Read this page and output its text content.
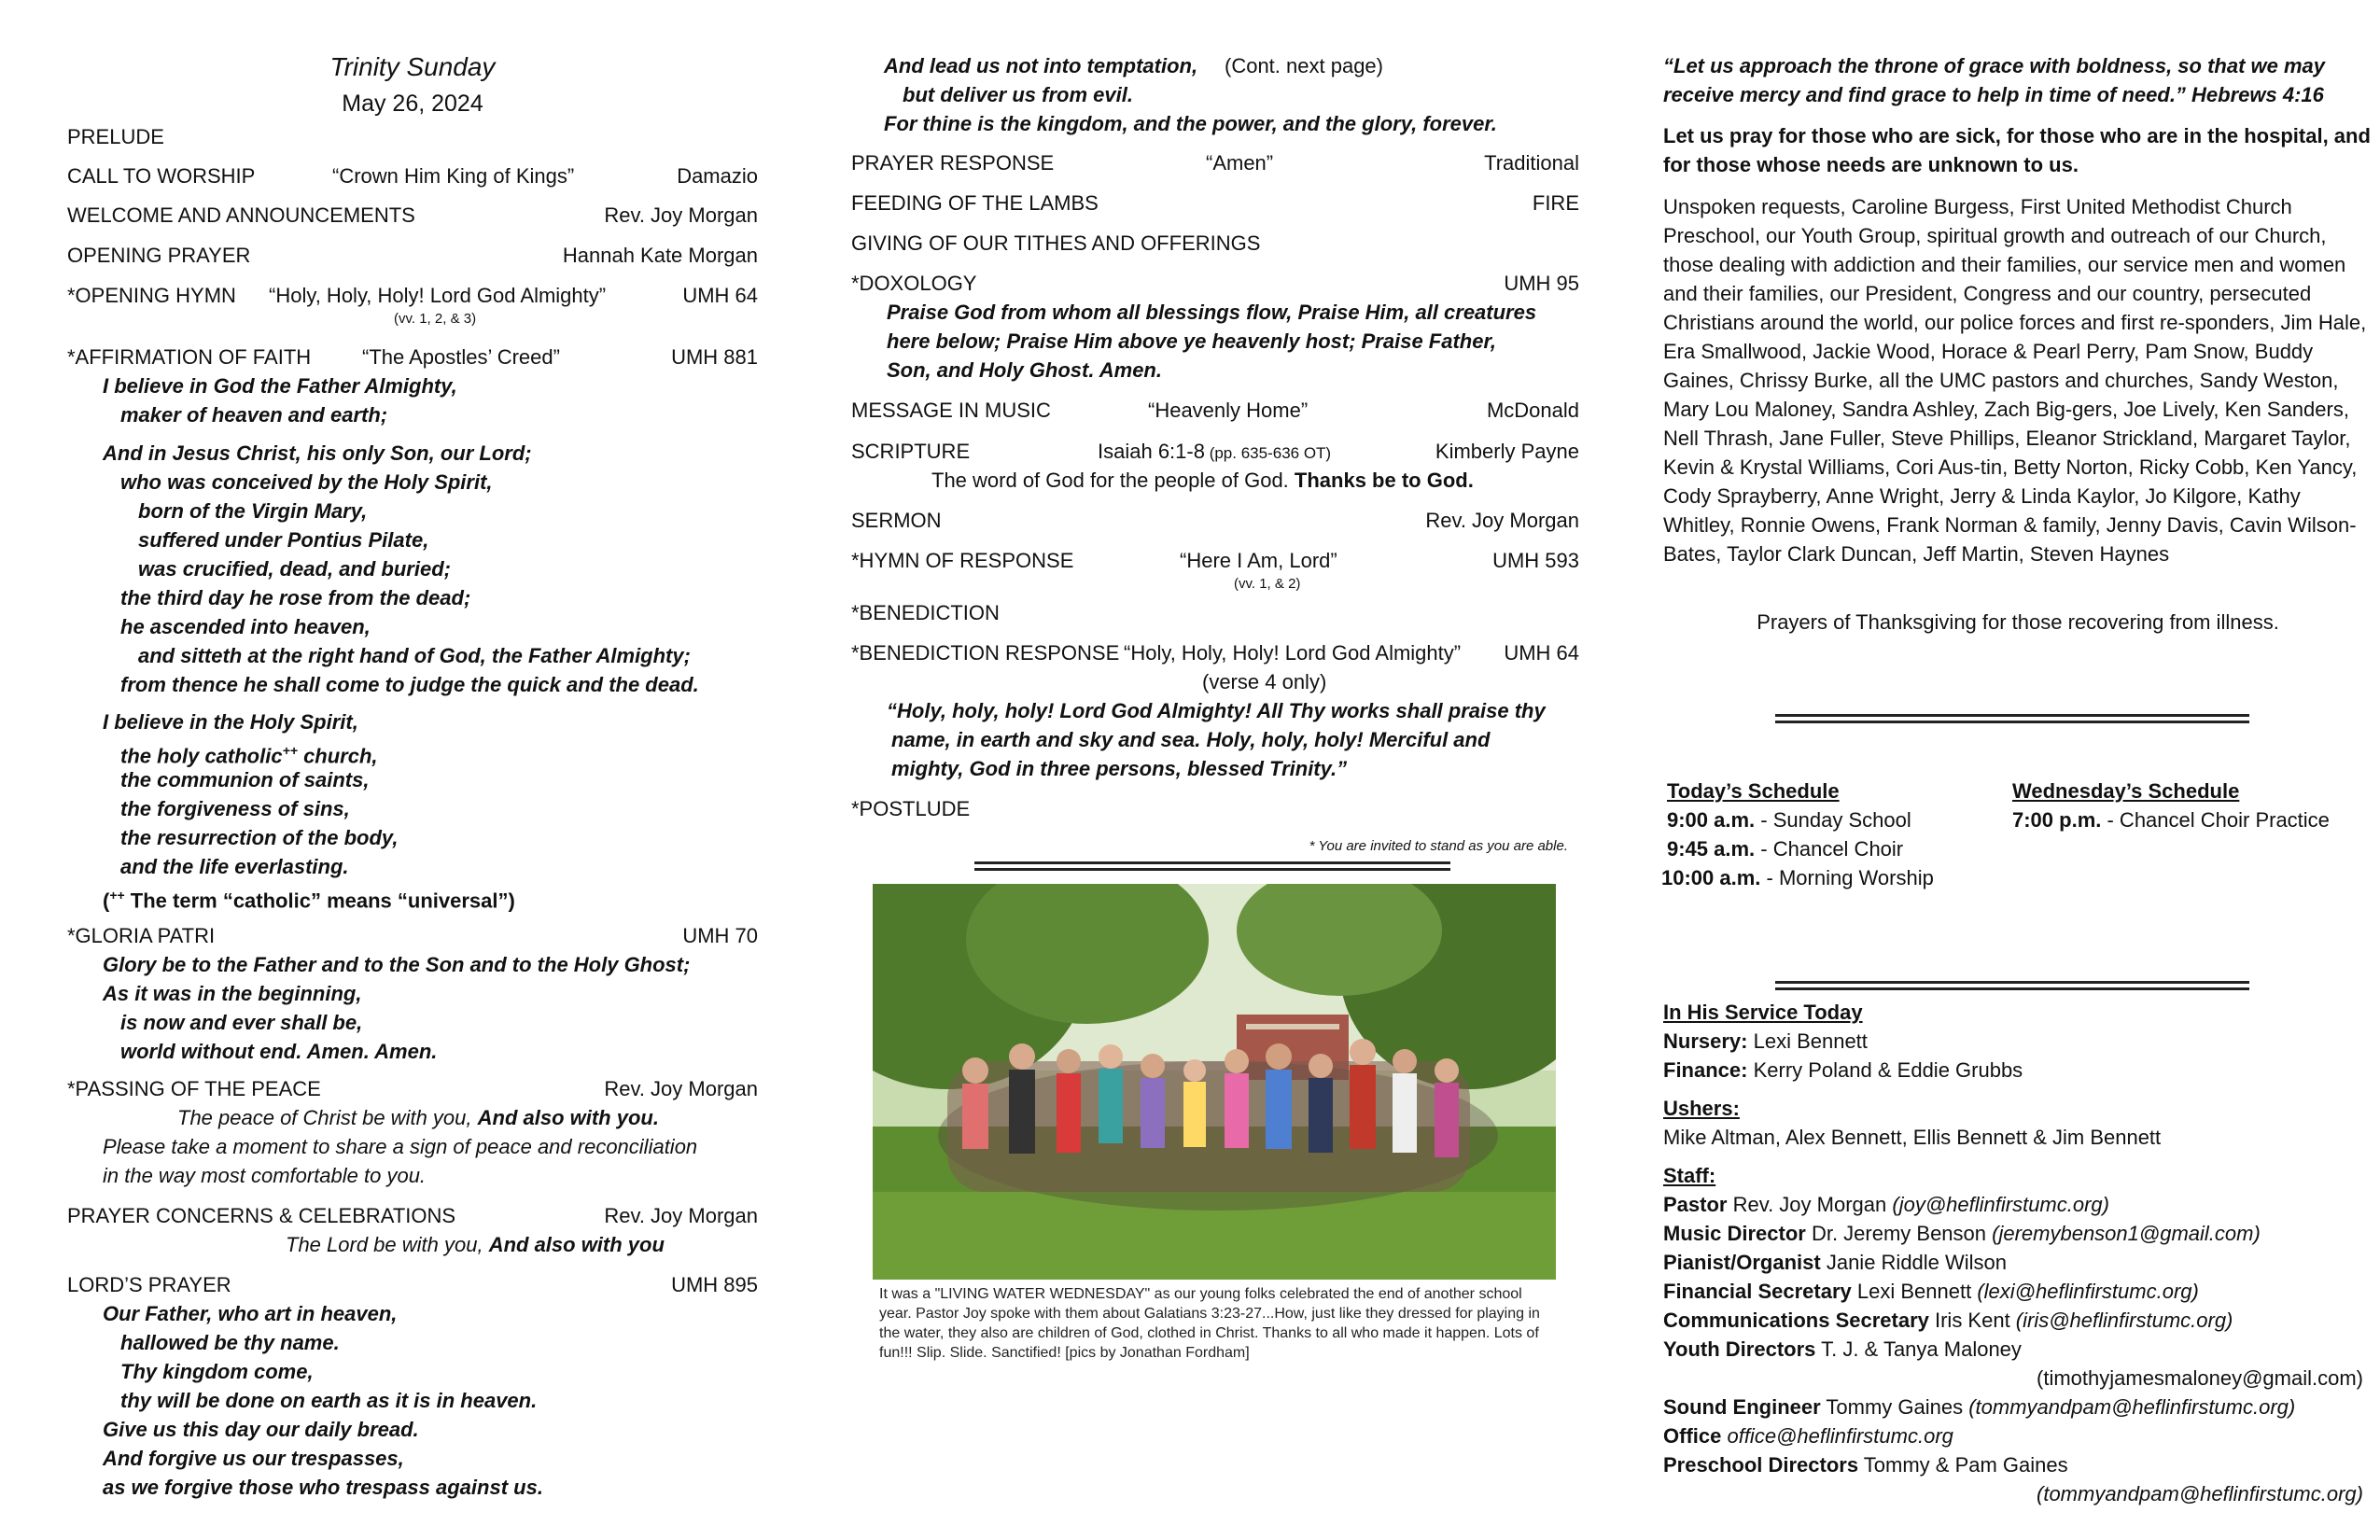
Trinity Sunday
May 26, 2024
PRELUDE
CALL TO WORSHIP	“Crown Him King of Kings”	Damazio
WELCOME AND ANNOUNCEMENTS	Rev. Joy Morgan
OPENING PRAYER	Hannah Kate Morgan
*OPENING HYMN “Holy, Holy, Holy! Lord God Almighty”	UMH 64
(vv. 1, 2, & 3)
*AFFIRMATION OF FAITH “The Apostles’ Creed”	UMH 881
I believe in God the Father Almighty,
maker of heaven and earth;
And in Jesus Christ, his only Son, our Lord;
who was conceived by the Holy Spirit,
born of the Virgin Mary,
suffered under Pontius Pilate,
was crucified, dead, and buried;
the third day he rose from the dead;
he ascended into heaven,
and sitteth at the right hand of God, the Father Almighty;
from thence he shall come to judge the quick and the dead.
I believe in the Holy Spirit,
the holy catholic++ church,
the communion of saints,
the forgiveness of sins,
the resurrection of the body,
and the life everlasting.
(++ The term “catholic” means “universal”)
*GLORIA PATRI	UMH 70
Glory be to the Father and to the Son and to the Holy Ghost;
As it was in the beginning,
is now and ever shall be,
world without end. Amen. Amen.
*PASSING OF THE PEACE	Rev. Joy Morgan
The peace of Christ be with you, And also with you.
Please take a moment to share a sign of peace and reconciliation
in the way most comfortable to you.
PRAYER CONCERNS & CELEBRATIONS	Rev. Joy Morgan
The Lord be with you, And also with you
LORD’S PRAYER	UMH 895
Our Father, who art in heaven,
hallowed be thy name.
Thy kingdom come,
thy will be done on earth as it is in heaven.
Give us this day our daily bread.
And forgive us our trespasses,
as we forgive those who trespass against us.
And lead us not into temptation, (Cont. next page)
but deliver us from evil.
For thine is the kingdom, and the power, and the glory, forever.
PRAYER RESPONSE	“Amen”	Traditional
FEEDING OF THE LAMBS	FIRE
GIVING OF OUR TITHES AND OFFERINGS
*DOXOLOGY	UMH 95
Praise God from whom all blessings flow, Praise Him, all creatures
here below; Praise Him above ye heavenly host; Praise Father,
Son, and Holy Ghost. Amen.
MESSAGE IN MUSIC	“Heavenly Home”	McDonald
SCRIPTURE	Isaiah 6:1-8 (pp. 635-636 OT)	Kimberly Payne
The word of God for the people of God. Thanks be to God.
SERMON	Rev. Joy Morgan
*HYMN OF RESPONSE	“Here I Am, Lord”	UMH 593
(vv. 1, & 2)
*BENEDICTION
*BENEDICTION RESPONSE “Holy, Holy, Holy! Lord God Almighty” UMH 64
(verse 4 only)
“Holy, holy, holy! Lord God Almighty! All Thy works shall praise thy
name, in earth and sky and sea. Holy, holy, holy! Merciful and
mighty, God in three persons, blessed Trinity.”
*POSTLUDE
* You are invited to stand as you are able.
It was a "LIVING WATER WEDNESDAY" as our young folks celebrated the end of another school year. Pastor Joy spoke with them about Galatians 3:23-27...How, just like they dressed for playing in the water, they also are children of God, clothed in Christ. Thanks to all who made it happen. Lots of fun!!! Slip. Slide. Sanctified! [pics by Jonathan Fordham]
“Let us approach the throne of grace with boldness, so that we may receive mercy and find grace to help in time of need.” Hebrews 4:16
Let us pray for those who are sick, for those who are in the hospital, and for those whose needs are unknown to us.
Unspoken requests, Caroline Burgess, First United Methodist Church Preschool, our Youth Group, spiritual growth and outreach of our Church, those dealing with addiction and their families, our service men and women and their families, our President, Congress and our country, persecuted Christians around the world, our police forces and first re-sponders, Jim Hale, Era Smallwood, Jackie Wood, Horace & Pearl Perry, Pam Snow, Buddy Gaines, Chrissy Burke, all the UMC pastors and churches, Sandy Weston, Mary Lou Maloney, Sandra Ashley, Zach Big-gers, Joe Lively, Ken Sanders, Nell Thrash, Jane Fuller, Steve Phillips, Eleanor Strickland, Margaret Taylor, Kevin & Krystal Williams, Cori Aus-tin, Betty Norton, Ricky Cobb, Ken Yancy, Cody Sprayberry, Anne Wright, Jerry & Linda Kaylor, Jo Kilgore, Kathy Whitley, Ronnie Owens, Frank Norman & family, Jenny Davis, Cavin Wilson-Bates, Taylor Clark Duncan, Jeff Martin, Steven Haynes
Prayers of Thanksgiving for those recovering from illness.
Today’s Schedule
9:00 a.m. - Sunday School
9:45 a.m. - Chancel Choir
10:00 a.m. - Morning Worship
Wednesday’s Schedule
7:00 p.m. - Chancel Choir Practice
In His Service Today
Nursery: Lexi Bennett
Finance: Kerry Poland & Eddie Grubbs
Ushers:
Mike Altman, Alex Bennett, Ellis Bennett & Jim Bennett
Staff:
Pastor Rev. Joy Morgan (joy@heflinfirstumc.org)
Music Director Dr. Jeremy Benson (jeremybenson1@gmail.com)
Pianist/Organist Janie Riddle Wilson
Financial Secretary Lexi Bennett (lexi@heflinfirstumc.org)
Communications Secretary Iris Kent (iris@heflinfirstumc.org)
Youth Directors T. J. & Tanya Maloney
(timothyjamesmaloney@gmail.com)
Sound Engineer Tommy Gaines (tommyandpam@heflinfirstumc.org)
Office office@heflinfirstumc.org
Preschool Directors Tommy & Pam Gaines
(tommyandpam@heflinfirstumc.org)
